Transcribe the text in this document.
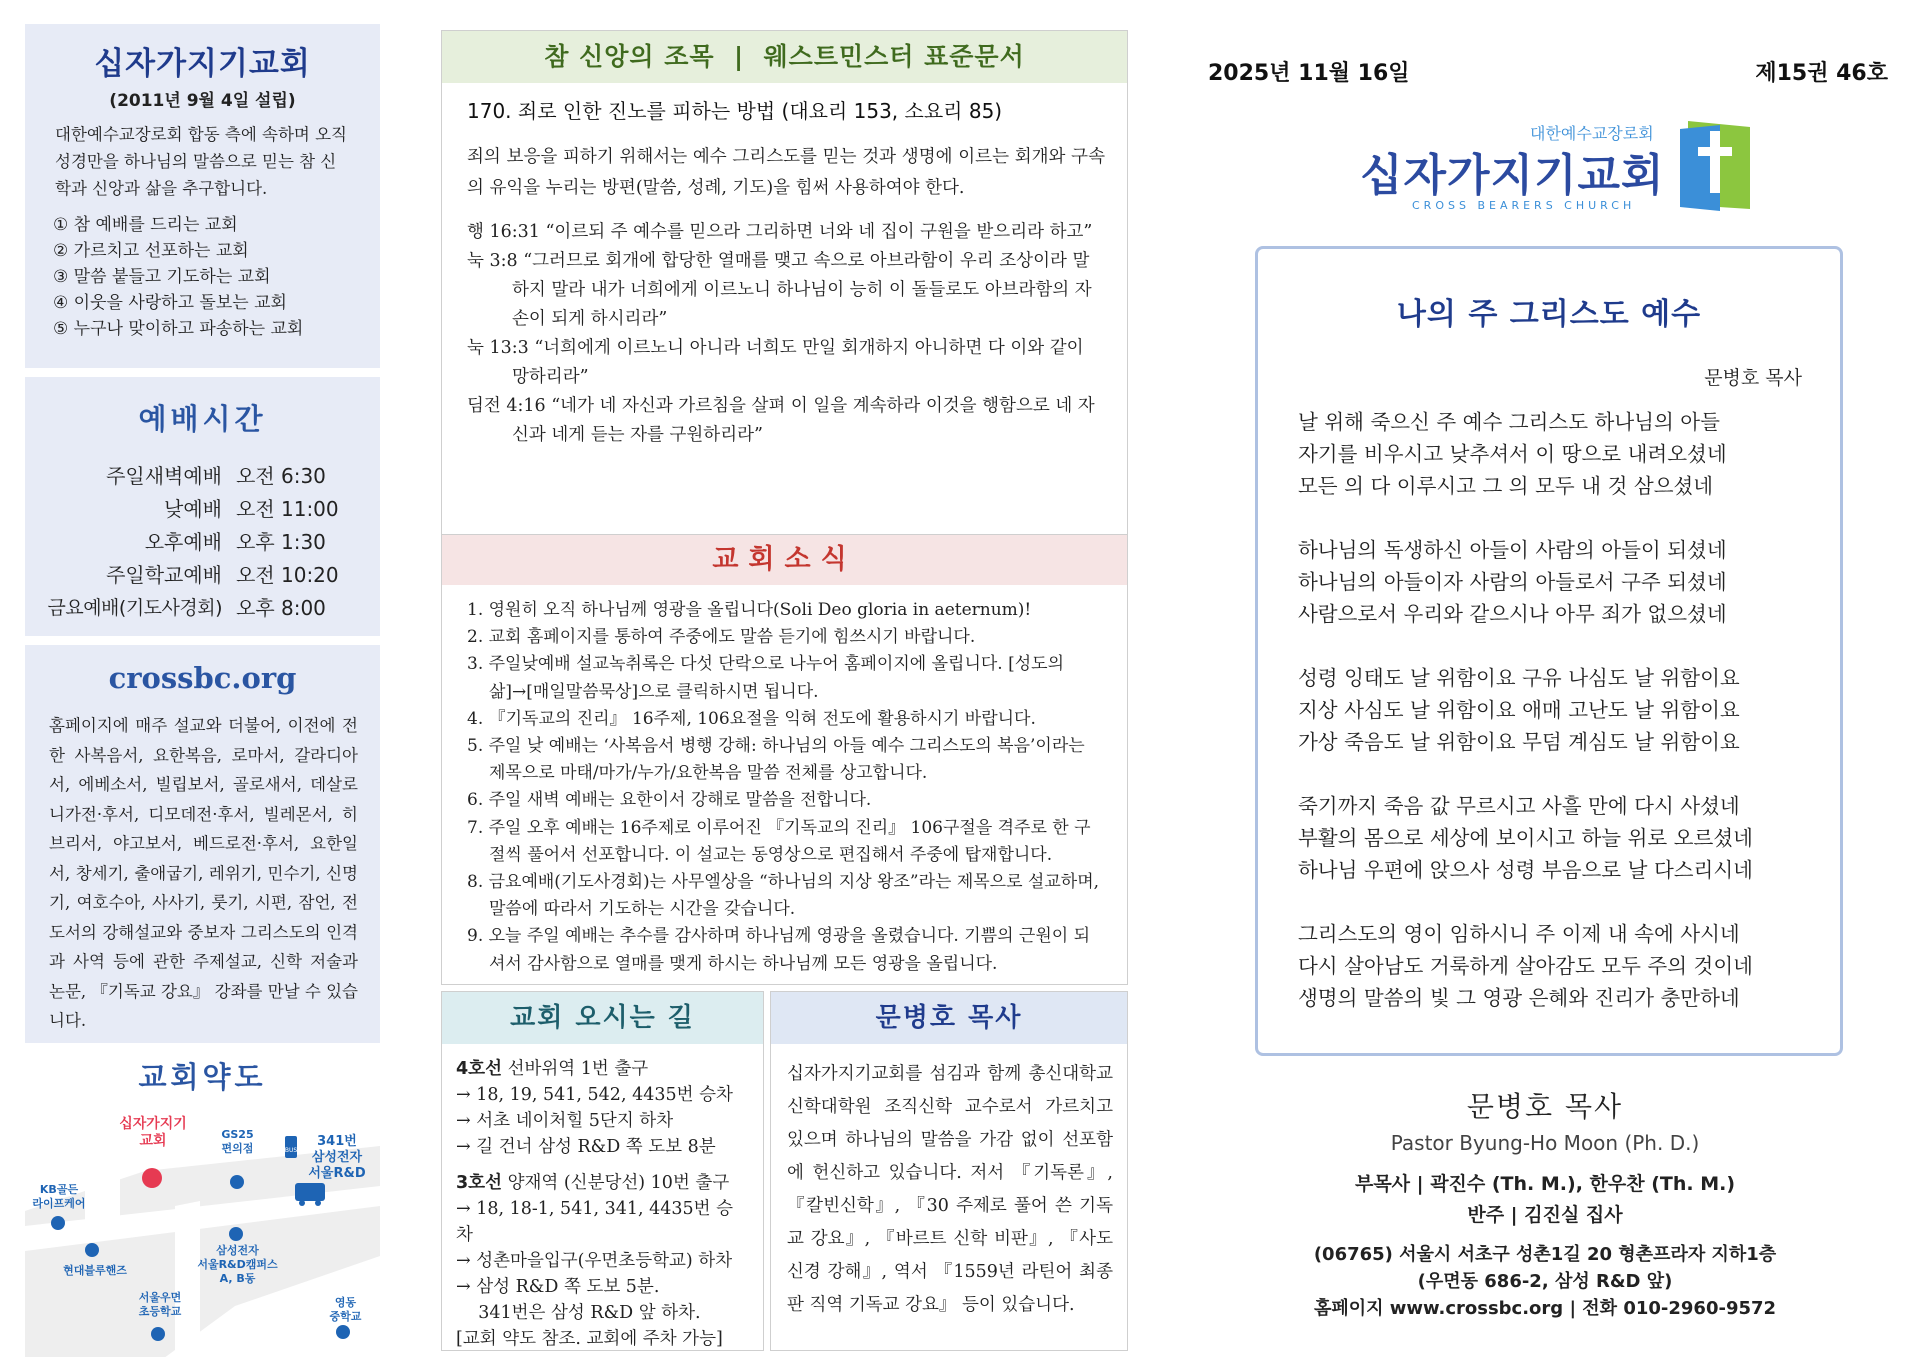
십자가지기교회
(2011년 9월 4일 설립)
대한예수교장로회 합동 측에 속하며 오직 성경만을 하나님의 말씀으로 믿는 참 신학과 신앙과 삶을 추구합니다.
① 참 예배를 드리는 교회
② 가르치고 선포하는 교회
③ 말씀 붙들고 기도하는 교회
④ 이웃을 사랑하고 돌보는 교회
⑤ 누구나 맞이하고 파송하는 교회
예배시간
주일새벽예배 오전 6:30
낮예배 오전 11:00
오후예배 오후 1:30
주일학교예배 오전 10:20
금요예배(기도사경회) 오후 8:00
crossbc.org
홈페이지에 매주 설교와 더불어, 이전에 전한 사복음서, 요한복음, 로마서, 갈라디아서, 에베소서, 빌립보서, 골로새서, 데살로니가전·후서, 디모데전·후서, 빌레몬서, 히브리서, 야고보서, 베드로전·후서, 요한일서, 창세기, 출애굽기, 레위기, 민수기, 신명기, 여호수아, 사사기, 룻기, 시편, 잠언, 전도서의 강해설교와 중보자 그리스도의 인격과 사역 등에 관한 주제설교, 신학 저술과 논문, 『기독교 강요』 강좌를 만날 수 있습니다.
교회약도
BUS
십자가지기
교회	GS25
편의점	341번
삼성전자
서울R&D
KB골든
라이프케어
현대블루핸즈
삼성전자
서울R&D캠퍼스
A, B동
서울우면
초등학교
영동
중학교
참 신앙의 조목  |  웨스트민스터 표준문서
170. 죄로 인한 진노를 피하는 방법 (대요리 153, 소요리 85)
죄의 보응을 피하기 위해서는 예수 그리스도를 믿는 것과 생명에 이르는 회개와 구속의 유익을 누리는 방편(말씀, 성례, 기도)을 힘써 사용하여야 한다.
행 16:31 “이르되 주 예수를 믿으라 그리하면 너와 네 집이 구원을 받으리라 하고”
눅 3:8 “그러므로 회개에 합당한 열매를 맺고 속으로 아브라함이 우리 조상이라 말하지 말라 내가 너희에게 이르노니 하나님이 능히 이 돌들로도 아브라함의 자손이 되게 하시리라”
눅 13:3 “너희에게 이르노니 아니라 너희도 만일 회개하지 아니하면 다 이와 같이 망하리라”
딤전 4:16 “네가 네 자신과 가르침을 살펴 이 일을 계속하라 이것을 행함으로 네 자신과 네게 듣는 자를 구원하리라”
교회소식
1. 영원히 오직 하나님께 영광을 올립니다(Soli Deo gloria in aeternum)!
2. 교회 홈페이지를 통하여 주중에도 말씀 듣기에 힘쓰시기 바랍니다.
3. 주일낮예배 설교녹취록은 다섯 단락으로 나누어 홈페이지에 올립니다. [성도의 삶]→[매일말씀묵상]으로 클릭하시면 됩니다.
4. 『기독교의 진리』 16주제, 106요절을 익혀 전도에 활용하시기 바랍니다.
5. 주일 낮 예배는 ‘사복음서 병행 강해: 하나님의 아들 예수 그리스도의 복음’이라는 제목으로 마태/마가/누가/요한복음 말씀 전체를 상고합니다.
6. 주일 새벽 예배는 요한이서 강해로 말씀을 전합니다.
7. 주일 오후 예배는 16주제로 이루어진 『기독교의 진리』 106구절을 격주로 한 구절씩 풀어서 선포합니다. 이 설교는 동영상으로 편집해서 주중에 탑재합니다.
8. 금요예배(기도사경회)는 사무엘상을 “하나님의 지상 왕조”라는 제목으로 설교하며, 말씀에 따라서 기도하는 시간을 갖습니다.
9. 오늘 주일 예배는 추수를 감사하며 하나님께 영광을 올렸습니다. 기쁨의 근원이 되셔서 감사함으로 열매를 맺게 하시는 하나님께 모든 영광을 올립니다.
교회 오시는 길
4호선 선바위역 1번 출구
→ 18, 19, 541, 542, 4435번 승차
→ 서초 네이처힐 5단지 하차
→ 길 건너 삼성 R&D 쪽 도보 8분
3호선 양재역 (신분당선) 10번 출구
→ 18, 18-1, 541, 341, 4435번 승차
→ 성촌마을입구(우면초등학교) 하차
→ 삼성 R&D 쪽 도보 5분.
341번은 삼성 R&D 앞 하차.
[교회 약도 참조. 교회에 주차 가능]
문병호 목사
십자가지기교회를 섬김과 함께 총신대학교 신학대학원 조직신학 교수로서 가르치고 있으며 하나님의 말씀을 가감 없이 선포함에 헌신하고 있습니다. 저서 『기독론』, 『칼빈신학』, 『30 주제로 풀어 쓴 기독교 강요』, 『바르트 신학 비판』, 『사도신경 강해』, 역서 『1559년 라틴어 최종판 직역 기독교 강요』 등이 있습니다.
2025년 11월 16일	제15권 46호
대한예수교장로회
십자가지기교회
CROSS BEARERS CHURCH
나의 주 그리스도 예수
문병호 목사
날 위해 죽으신 주 예수 그리스도 하나님의 아들
자기를 비우시고 낮추셔서 이 땅으로 내려오셨네
모든 의 다 이루시고 그 의 모두 내 것 삼으셨네
하나님의 독생하신 아들이 사람의 아들이 되셨네
하나님의 아들이자 사람의 아들로서 구주 되셨네
사람으로서 우리와 같으시나 아무 죄가 없으셨네
성령 잉태도 날 위함이요 구유 나심도 날 위함이요
지상 사심도 날 위함이요 애매 고난도 날 위함이요
가상 죽음도 날 위함이요 무덤 계심도 날 위함이요
죽기까지 죽음 값 무르시고 사흘 만에 다시 사셨네
부활의 몸으로 세상에 보이시고 하늘 위로 오르셨네
하나님 우편에 앉으사 성령 부음으로 날 다스리시네
그리스도의 영이 임하시니 주 이제 내 속에 사시네
다시 살아남도 거룩하게 살아감도 모두 주의 것이네
생명의 말씀의 빛 그 영광 은혜와 진리가 충만하네
문병호 목사
Pastor Byung-Ho Moon (Ph. D.)
부목사 | 곽진수 (Th. M.), 한우찬 (Th. M.)
반주 | 김진실 집사
(06765) 서울시 서초구 성촌1길 20 형촌프라자 지하1층
(우면동 686-2, 삼성 R&D 앞)
홈페이지 www.crossbc.org | 전화 010-2960-9572
